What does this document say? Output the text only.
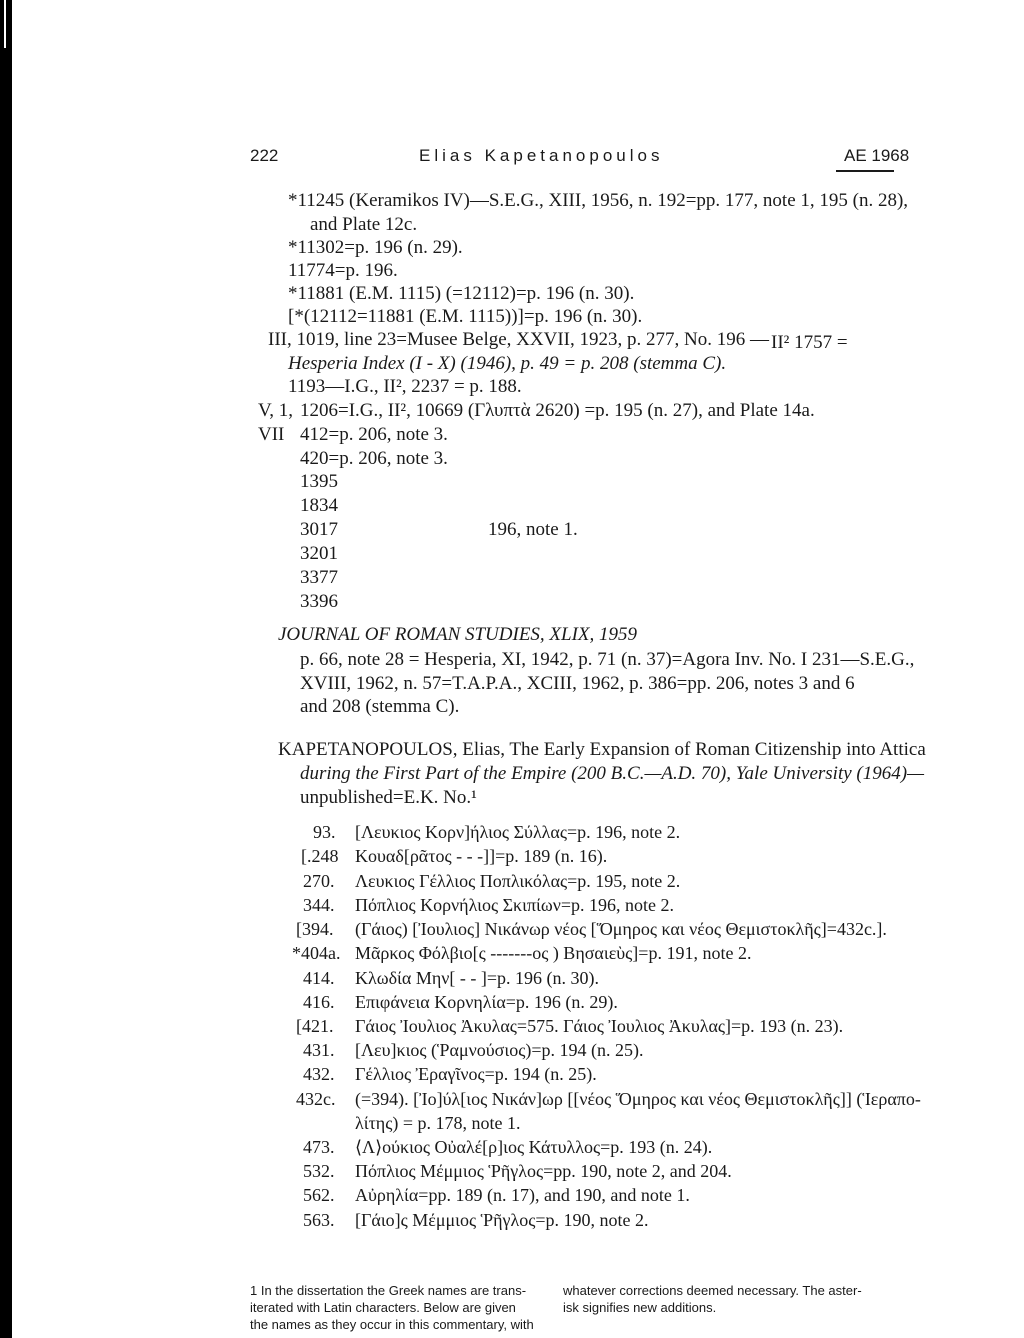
222	Elias Kapetanopoulos	ΑΕ 1968
*11245 (Keramikos IV)—S.E.G., XIII, 1956, n. 192=pp. 177, note 1, 195 (n. 28),
and Plate 12c.
*11302=p. 196 (n. 29).
11774=p. 196.
*11881 (E.M. 1115) (=12112)=p. 196 (n. 30).
[*(12112=11881 (E.M. 1115))]=p. 196 (n. 30).
III, 1019, line 23=Musee Belge, XXVII, 1923, p. 277, No. 196 — II² 1757 =
Hesperia Index (I - X) (1946), p. 49 = p. 208 (stemma C).
1193—I.G., II², 2237 = p. 188.
V, 1, 1206=I.G., II², 10669 (Γλυπτὰ 2620) =p. 195 (n. 27), and Plate 14a.
VII 412=p. 206, note 3.
420=p. 206, note 3.
1395
1834
3017	196, note 1.
3201
3377
3396
JOURNAL OF ROMAN STUDIES, XLIX, 1959
p. 66, note 28 = Hesperia, XI, 1942, p. 71 (n. 37)=Agora Inv. No. I 231—S.E.G.,
XVIII, 1962, n. 57=T.A.P.A., XCIII, 1962, p. 386=pp. 206, notes 3 and 6
and 208 (stemma C).
KAPETANOPOULOS, Elias, The Early Expansion of Roman Citizenship into Attica
during the First Part of the Empire (200 B.C.—A.D. 70), Yale University (1964)—
unpublished=E.K. No.¹
93. [Λευκιος Κορν]ήλιος Σύλλας=p. 196, note 2.
[.248 Κουαδ[ρᾶτος - - -]]=p. 189 (n. 16).
270. Λευκιος Γέλλιος Ποπλικόλας=p. 195, note 2.
344. Πόπλιος Κορνήλιος Σκιπίων=p. 196, note 2.
[394. (Γάιος) [Ἰουλιος] Νικάνωρ νέος [Ὅμηρος και νέος Θεμιστοκλῆς]=432c.].
*404a. Μᾶρκος Φόλβιο[ς -------ος ) Βησαιεὺς]=p. 191, note 2.
414. Κλωδία Μην[ - - ]=p. 196 (n. 30).
416. Επιφάνεια Κορνηλία=p. 196 (n. 29).
[421. Γάιος Ἰουλιος Ἀκυλας=575. Γάιος Ἰουλιος Ἀκυλας]=p. 193 (n. 23).
431. [Λευ]κιος (Ῥαμνούσιος)=p. 194 (n. 25).
432. Γέλλιος Ἐραγῖνος=p. 194 (n. 25).
432c. (=394). [Ἰο]ύλ[ιος Νικάν]ωρ [[νέος Ὅμηρος και νέος Θεμιστοκλῆς]] (Ἱεραπο-
λίτης) = p. 178, note 1.
473. ⟨Λ⟩ούκιος Οὐαλέ[ρ]ιος Κάτυλλος=p. 193 (n. 24).
532. Πόπλιος Μέμμιος Ῥῆγλος=pp. 190, note 2, and 204.
562. Αὐρηλία=pp. 189 (n. 17), and 190, and note 1.
563. [Γάιο]ς Μέμμιος Ῥῆγλος=p. 190, note 2.
1 In the dissertation the Greek names are trans-
iterated with Latin characters. Below are given
the names as they occur in this commentary, with
whatever corrections deemed necessary. The aster-
isk signifies new additions.
